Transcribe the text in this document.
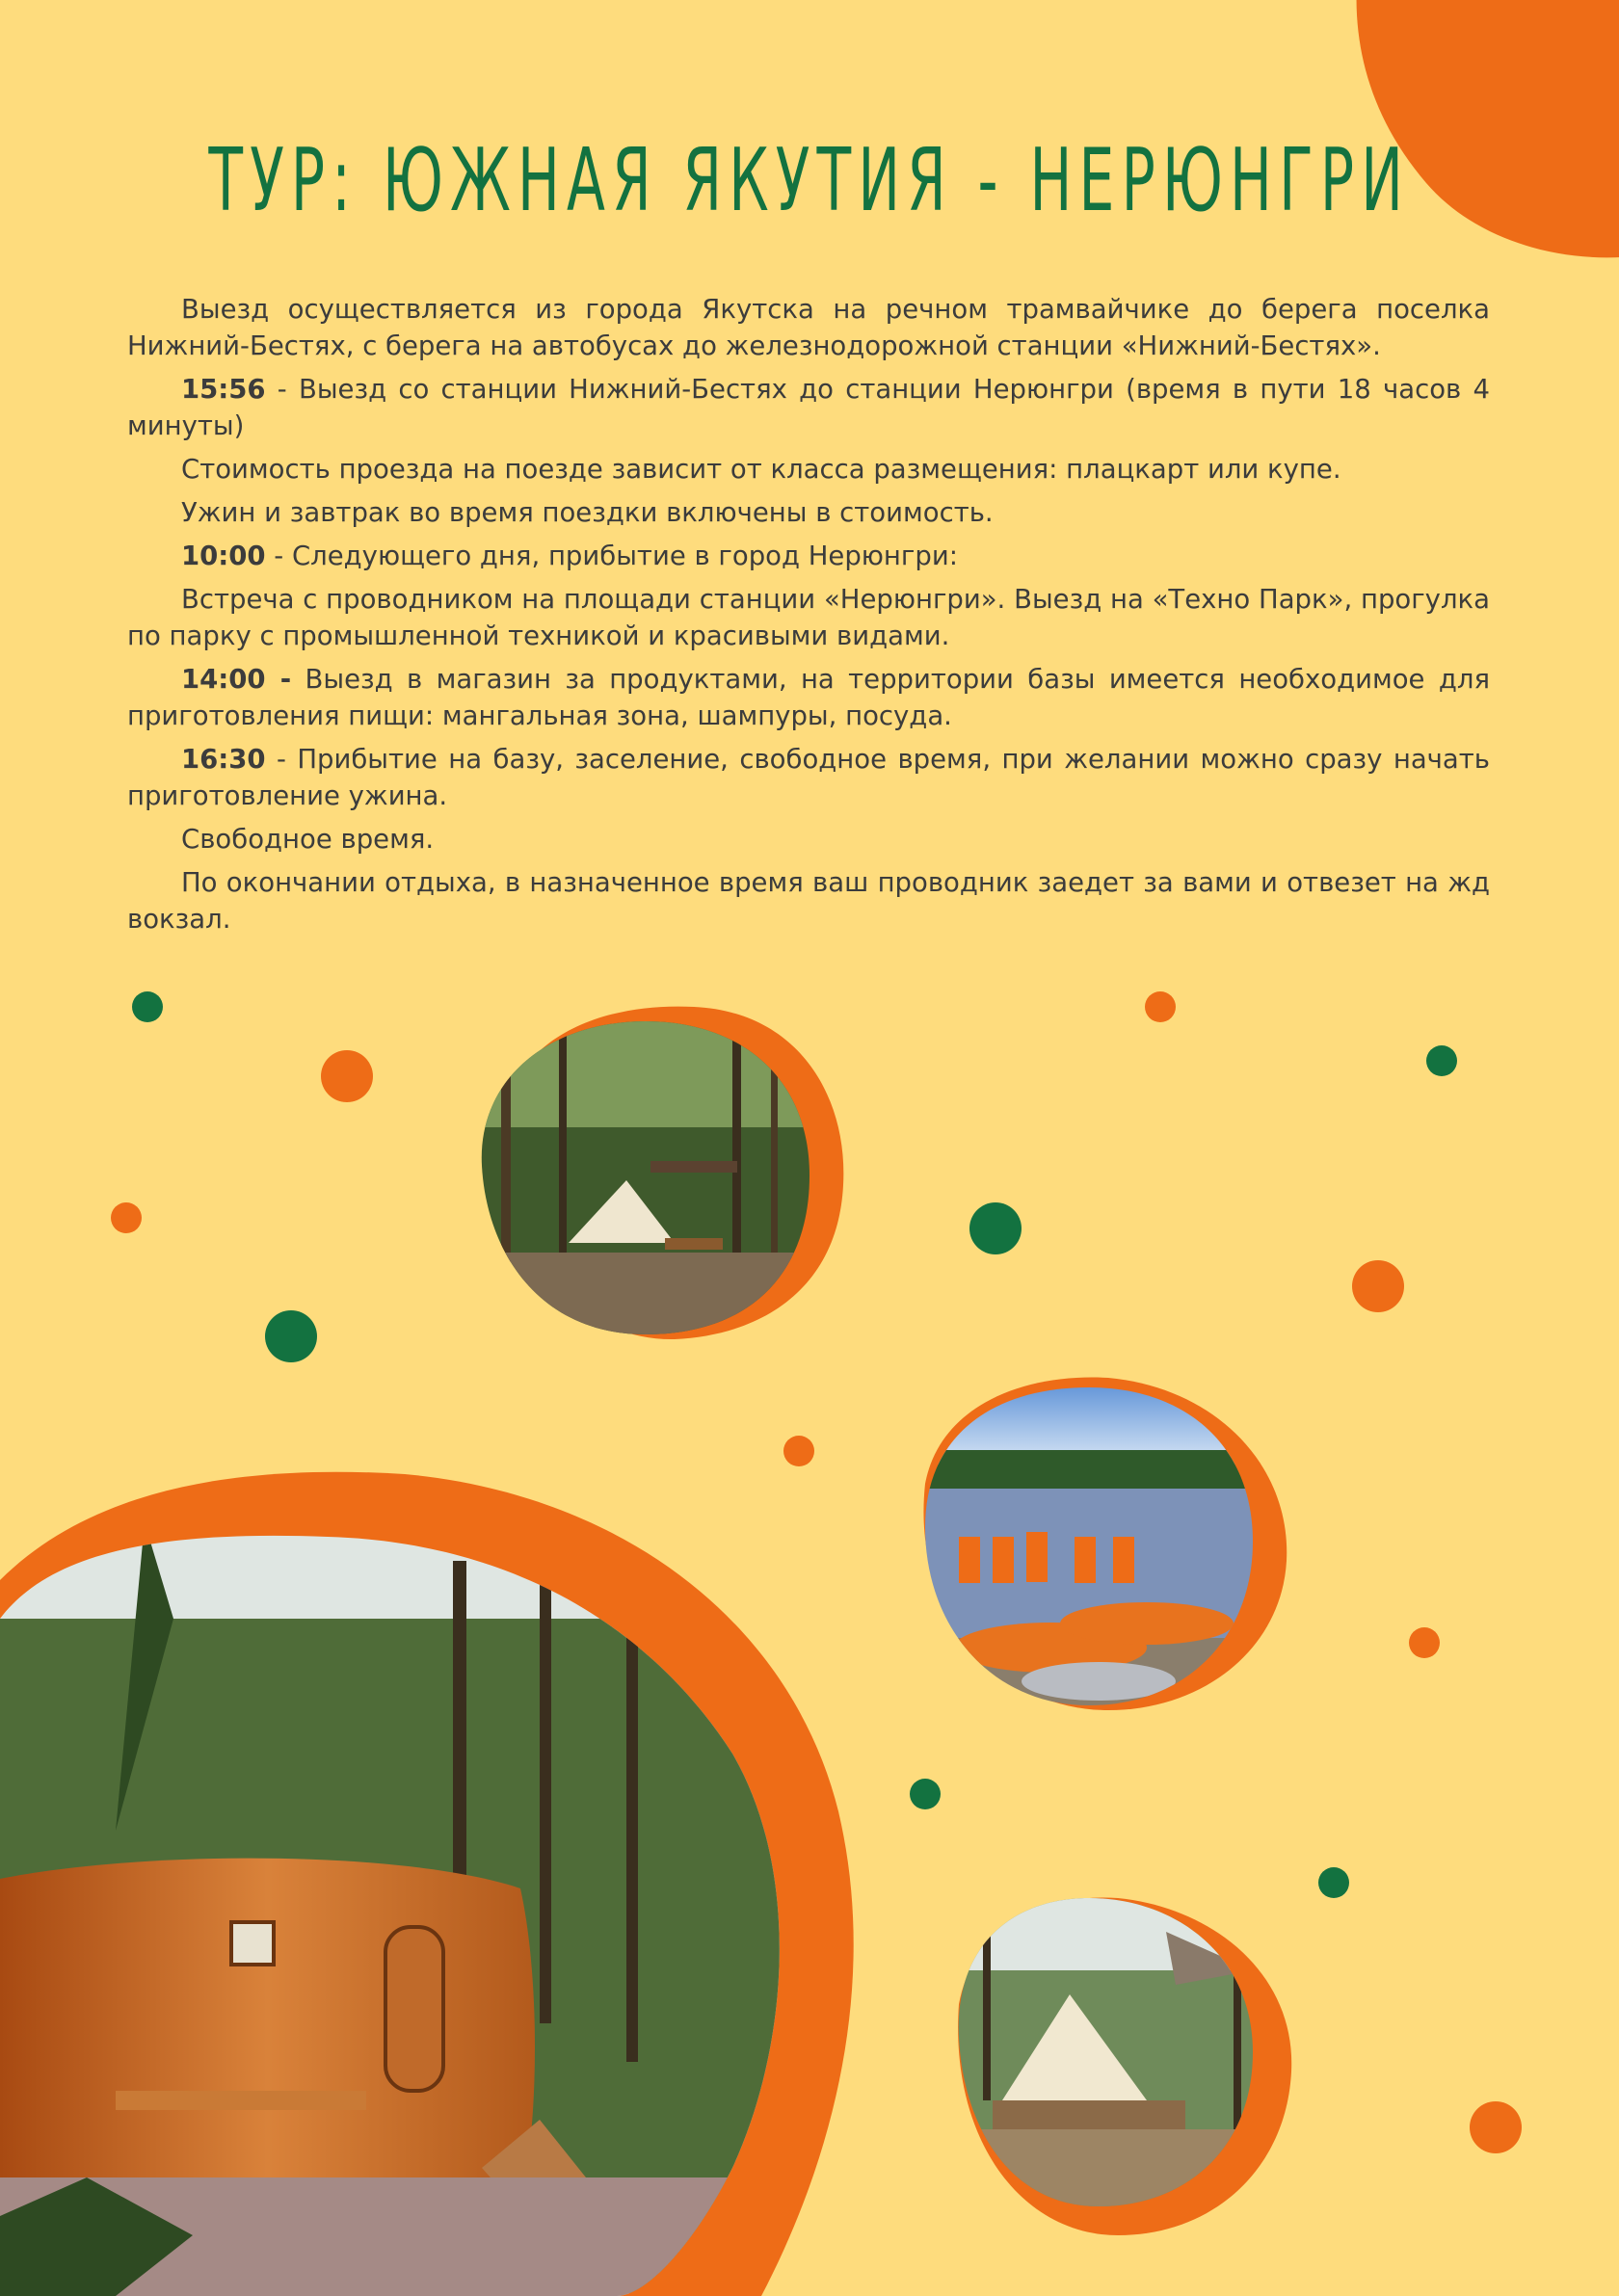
ТУР: ЮЖНАЯ ЯКУТИЯ - НЕРЮНГРИ

Выезд осуществляется из города Якутска на речном трамвайчике до берега поселка Нижний-Бестях, с берега на автобусах до железнодорожной станции «Нижний-Бестях».

15:56 - Выезд со станции Нижний-Бестях до станции Нерюнгри (время в пути 18 часов 4 минуты)

Стоимость проезда на поезде зависит от класса размещения: плацкарт или купе.

Ужин и завтрак во время поездки включены в стоимость.

10:00 - Следующего дня, прибытие в город Нерюнгри:

Встреча с проводником на площади станции «Нерюнгри». Выезд на «Техно Парк», прогулка по парку с промышленной техникой и красивыми видами.

14:00 - Выезд в магазин за продуктами, на территории базы имеется необходимое для приготовления пищи: мангальная зона, шампуры, посуда.

16:30 - Прибытие на базу, заселение, свободное время, при желании можно сразу начать приготовление ужина.

Свободное время.

По окончании отдыха, в назначенное время ваш проводник заедет за вами и отвезет на жд вокзал.
